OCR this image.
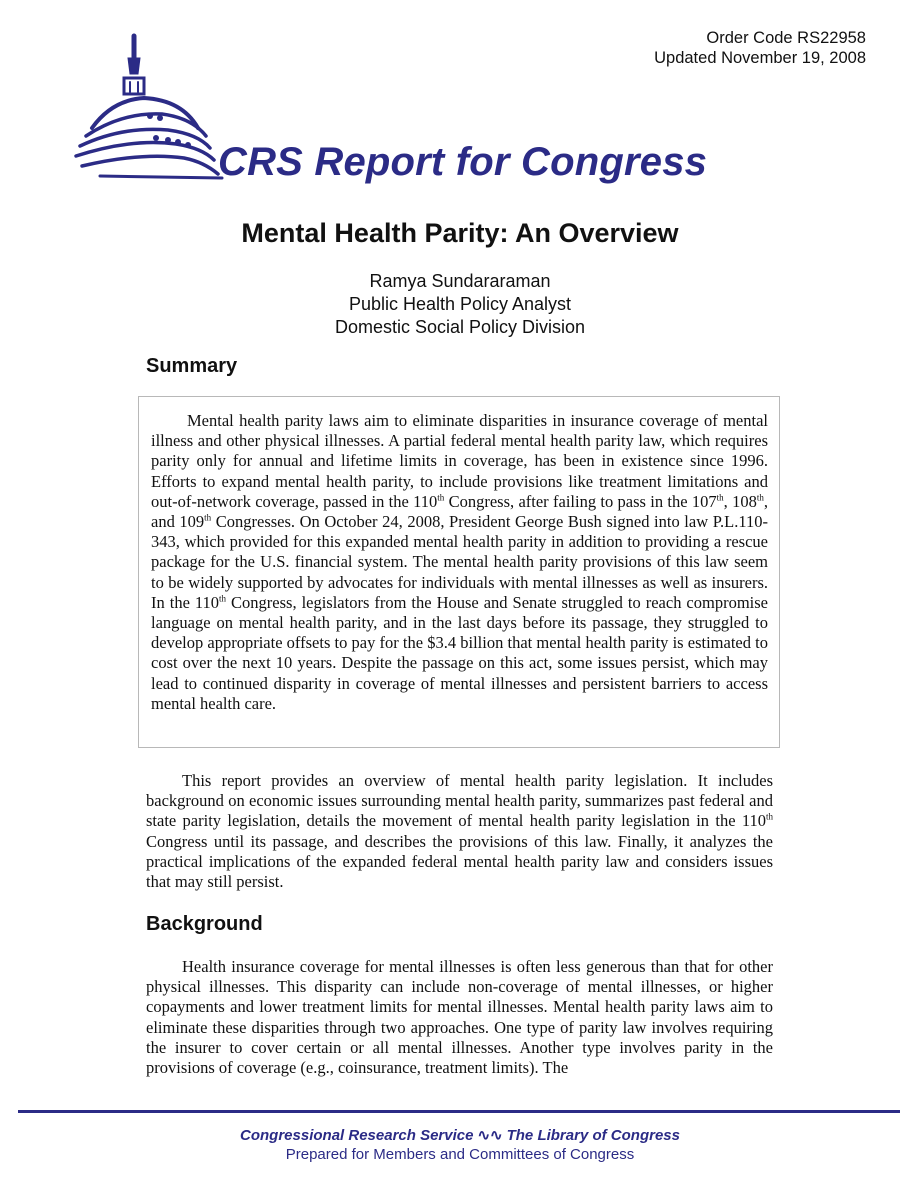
Order Code RS22958
Updated November 19, 2008
CRS Report for Congress
Mental Health Parity: An Overview
Ramya Sundararaman
Public Health Policy Analyst
Domestic Social Policy Division
Summary

Mental health parity laws aim to eliminate disparities in insurance coverage of mental illness and other physical illnesses. A partial federal mental health parity law, which requires parity only for annual and lifetime limits in coverage, has been in existence since 1996. Efforts to expand mental health parity, to include provisions like treatment limitations and out-of-network coverage, passed in the 110th Congress, after failing to pass in the 107th, 108th, and 109th Congresses. On October 24, 2008, President George Bush signed into law P.L.110-343, which provided for this expanded mental health parity in addition to providing a rescue package for the U.S. financial system. The mental health parity provisions of this law seem to be widely supported by advocates for individuals with mental illnesses as well as insurers. In the 110th Congress, legislators from the House and Senate struggled to reach compromise language on mental health parity, and in the last days before its passage, they struggled to develop appropriate offsets to pay for the $3.4 billion that mental health parity is estimated to cost over the next 10 years. Despite the passage on this act, some issues persist, which may lead to continued disparity in coverage of mental illnesses and persistent barriers to access mental health care.

This report provides an overview of mental health parity legislation. It includes background on economic issues surrounding mental health parity, summarizes past federal and state parity legislation, details the movement of mental health parity legislation in the 110th Congress until its passage, and describes the provisions of this law. Finally, it analyzes the practical implications of the expanded federal mental health parity law and considers issues that may still persist.

Background

Health insurance coverage for mental illnesses is often less generous than that for other physical illnesses. This disparity can include non-coverage of mental illnesses, or higher copayments and lower treatment limits for mental illnesses. Mental health parity laws aim to eliminate these disparities through two approaches. One type of parity law involves requiring the insurer to cover certain or all mental illnesses. Another type involves parity in the provisions of coverage (e.g., coinsurance, treatment limits). The

Congressional Research Service ∿∿ The Library of Congress
Prepared for Members and Committees of Congress
